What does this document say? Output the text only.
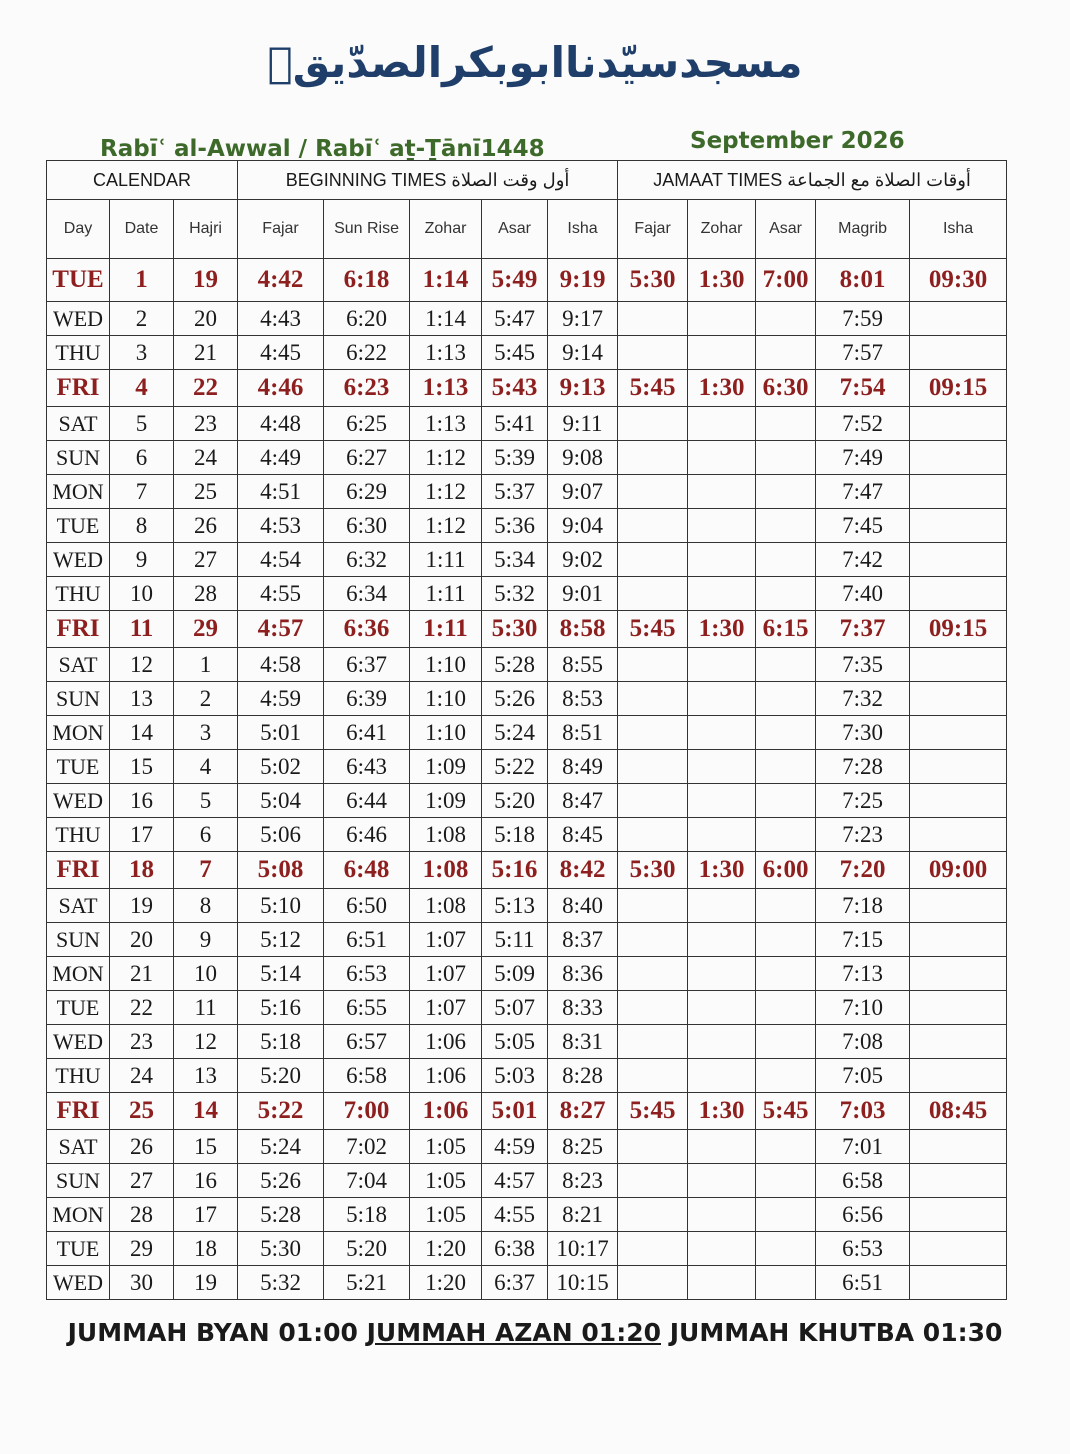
مسجدسيّدناابوبكرالصدّيقؓ
Rabīʿ al-Awwal / Rabīʿ aṯ-Ṯānī1448	September 2026
CALENDAR			BEGINNING TIMES أول وقت الصلاة					JAMAAT TIMES أوقات الصلاة مع الجماعة				
Day	Date	Hajri	Fajar	Sun Rise	Zohar	Asar	Isha	Fajar	Zohar	Asar	Magrib	Isha
TUE	1	19	4:42	6:18	1:14	5:49	9:19	5:30	1:30	7:00	8:01	09:30
WED	2	20	4:43	6:20	1:14	5:47	9:17				7:59	
THU	3	21	4:45	6:22	1:13	5:45	9:14				7:57	
FRI	4	22	4:46	6:23	1:13	5:43	9:13	5:45	1:30	6:30	7:54	09:15
SAT	5	23	4:48	6:25	1:13	5:41	9:11				7:52	
SUN	6	24	4:49	6:27	1:12	5:39	9:08				7:49	
MON	7	25	4:51	6:29	1:12	5:37	9:07				7:47	
TUE	8	26	4:53	6:30	1:12	5:36	9:04				7:45	
WED	9	27	4:54	6:32	1:11	5:34	9:02				7:42	
THU	10	28	4:55	6:34	1:11	5:32	9:01				7:40	
FRI	11	29	4:57	6:36	1:11	5:30	8:58	5:45	1:30	6:15	7:37	09:15
SAT	12	1	4:58	6:37	1:10	5:28	8:55				7:35	
SUN	13	2	4:59	6:39	1:10	5:26	8:53				7:32	
MON	14	3	5:01	6:41	1:10	5:24	8:51				7:30	
TUE	15	4	5:02	6:43	1:09	5:22	8:49				7:28	
WED	16	5	5:04	6:44	1:09	5:20	8:47				7:25	
THU	17	6	5:06	6:46	1:08	5:18	8:45				7:23	
FRI	18	7	5:08	6:48	1:08	5:16	8:42	5:30	1:30	6:00	7:20	09:00
SAT	19	8	5:10	6:50	1:08	5:13	8:40				7:18	
SUN	20	9	5:12	6:51	1:07	5:11	8:37				7:15	
MON	21	10	5:14	6:53	1:07	5:09	8:36				7:13	
TUE	22	11	5:16	6:55	1:07	5:07	8:33				7:10	
WED	23	12	5:18	6:57	1:06	5:05	8:31				7:08	
THU	24	13	5:20	6:58	1:06	5:03	8:28				7:05	
FRI	25	14	5:22	7:00	1:06	5:01	8:27	5:45	1:30	5:45	7:03	08:45
SAT	26	15	5:24	7:02	1:05	4:59	8:25				7:01	
SUN	27	16	5:26	7:04	1:05	4:57	8:23				6:58	
MON	28	17	5:28	5:18	1:05	4:55	8:21				6:56	
TUE	29	18	5:30	5:20	1:20	6:38	10:17				6:53	
WED	30	19	5:32	5:21	1:20	6:37	10:15				6:51	
JUMMAH BYAN 01:00 JUMMAH AZAN 01:20 JUMMAH KHUTBA 01:30
